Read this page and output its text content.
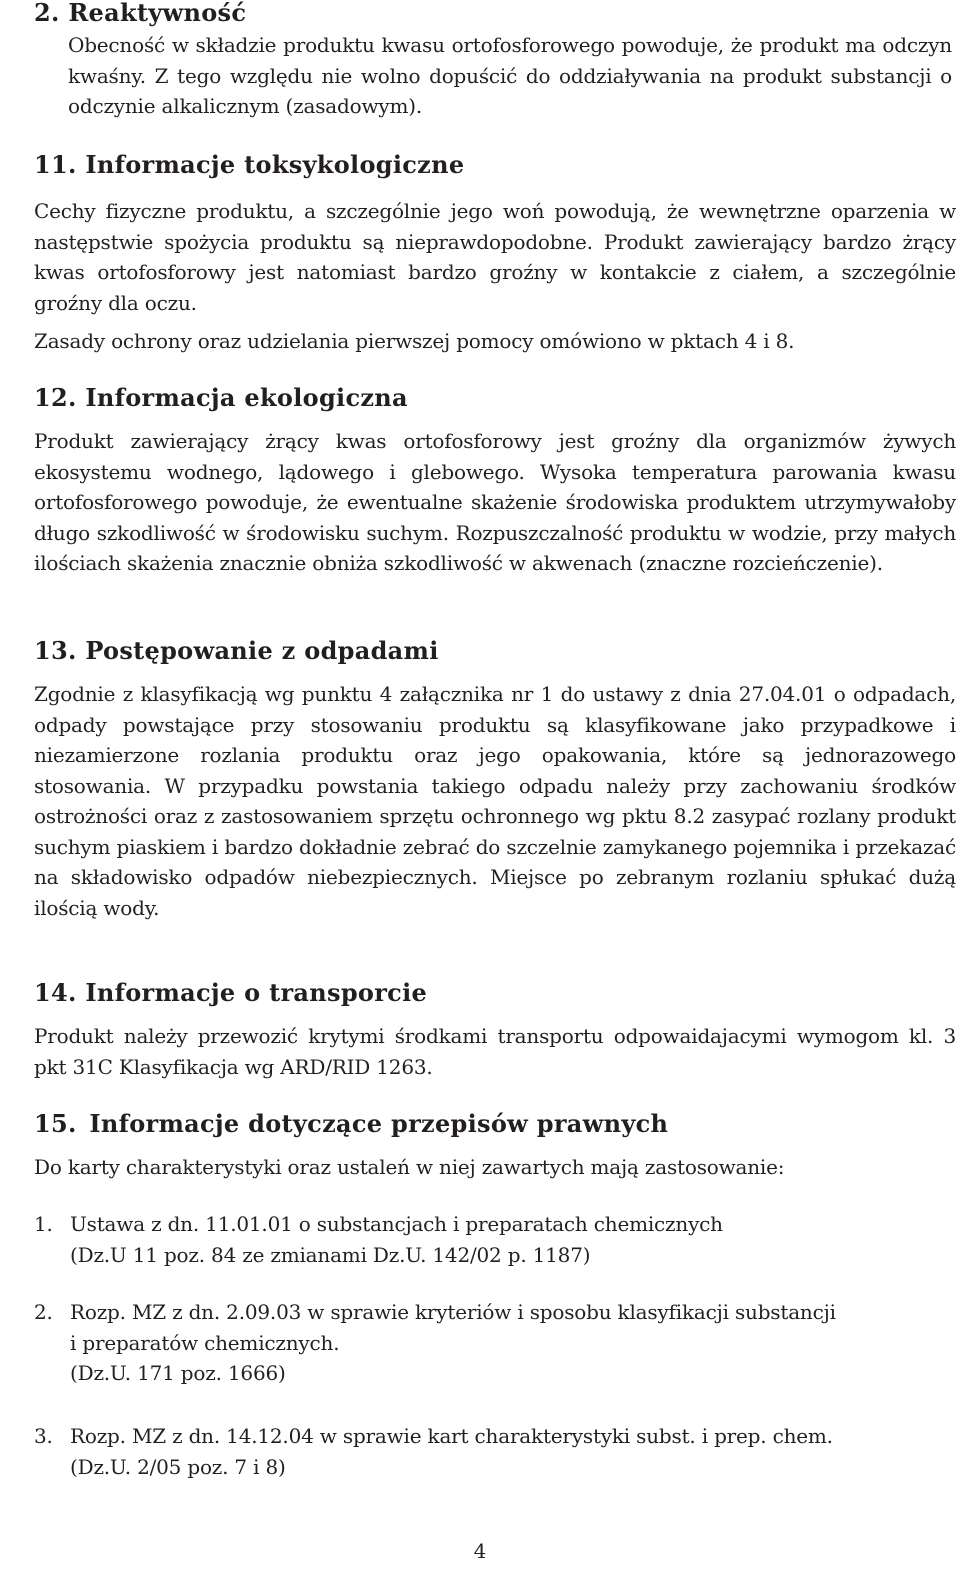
2. Reaktywność

Obecność w składzie produktu kwasu ortofosforowego powoduje, że produkt ma odczyn kwaśny. Z tego względu nie wolno dopuścić do oddziaływania na produkt substancji o odczynie alkalicznym (zasadowym).

11. Informacje toksykologiczne

Cechy fizyczne produktu, a szczególnie jego woń powodują, że wewnętrzne oparzenia w następstwie spożycia produktu są nieprawdopodobne. Produkt zawierający bardzo żrący kwas ortofosforowy jest natomiast bardzo groźny w kontakcie z ciałem, a szczególnie groźny dla oczu.

Zasady ochrony oraz udzielania pierwszej pomocy omówiono w pktach 4 i 8.

12. Informacja ekologiczna

Produkt zawierający żrący kwas ortofosforowy jest groźny dla organizmów żywych ekosystemu wodnego, lądowego i glebowego. Wysoka temperatura parowania kwasu ortofosforowego powoduje, że ewentualne skażenie środowiska produktem utrzymywałoby długo szkodliwość w środowisku suchym. Rozpuszczalność produktu w wodzie, przy małych ilościach skażenia znacznie obniża szkodliwość w akwenach (znaczne rozcieńczenie).

13. Postępowanie z odpadami

Zgodnie z klasyfikacją wg punktu 4 załącznika nr 1 do ustawy z dnia 27.04.01 o odpadach, odpady powstające przy stosowaniu produktu są klasyfikowane jako przypadkowe i niezamierzone rozlania produktu oraz jego opakowania, które są jednorazowego stosowania. W przypadku powstania takiego odpadu należy przy zachowaniu środków ostrożności oraz z zastosowaniem sprzętu ochronnego wg pktu 8.2 zasypać rozlany produkt suchym piaskiem i bardzo dokładnie zebrać do szczelnie zamykanego pojemnika i przekazać na składowisko odpadów niebezpiecznych. Miejsce po zebranym rozlaniu spłukać dużą ilością wody.

14. Informacje o transporcie

Produkt należy przewozić krytymi środkami transportu odpowaidajacymi wymogom kl. 3 pkt 31C Klasyfikacja wg ARD/RID 1263.

15. Informacje dotyczące przepisów prawnych

Do karty charakterystyki oraz ustaleń w niej zawartych mają zastosowanie:

1. Ustawa z dn. 11.01.01 o substancjach i preparatach chemicznych
(Dz.U 11 poz. 84 ze zmianami Dz.U. 142/02 p. 1187)
2. Rozp. MZ z dn. 2.09.03 w sprawie kryteriów i sposobu klasyfikacji substancji
i preparatów chemicznych.
(Dz.U. 171 poz. 1666)
3. Rozp. MZ z dn. 14.12.04 w sprawie kart charakterystyki subst. i prep. chem.
(Dz.U. 2/05 poz. 7 i 8)
4
